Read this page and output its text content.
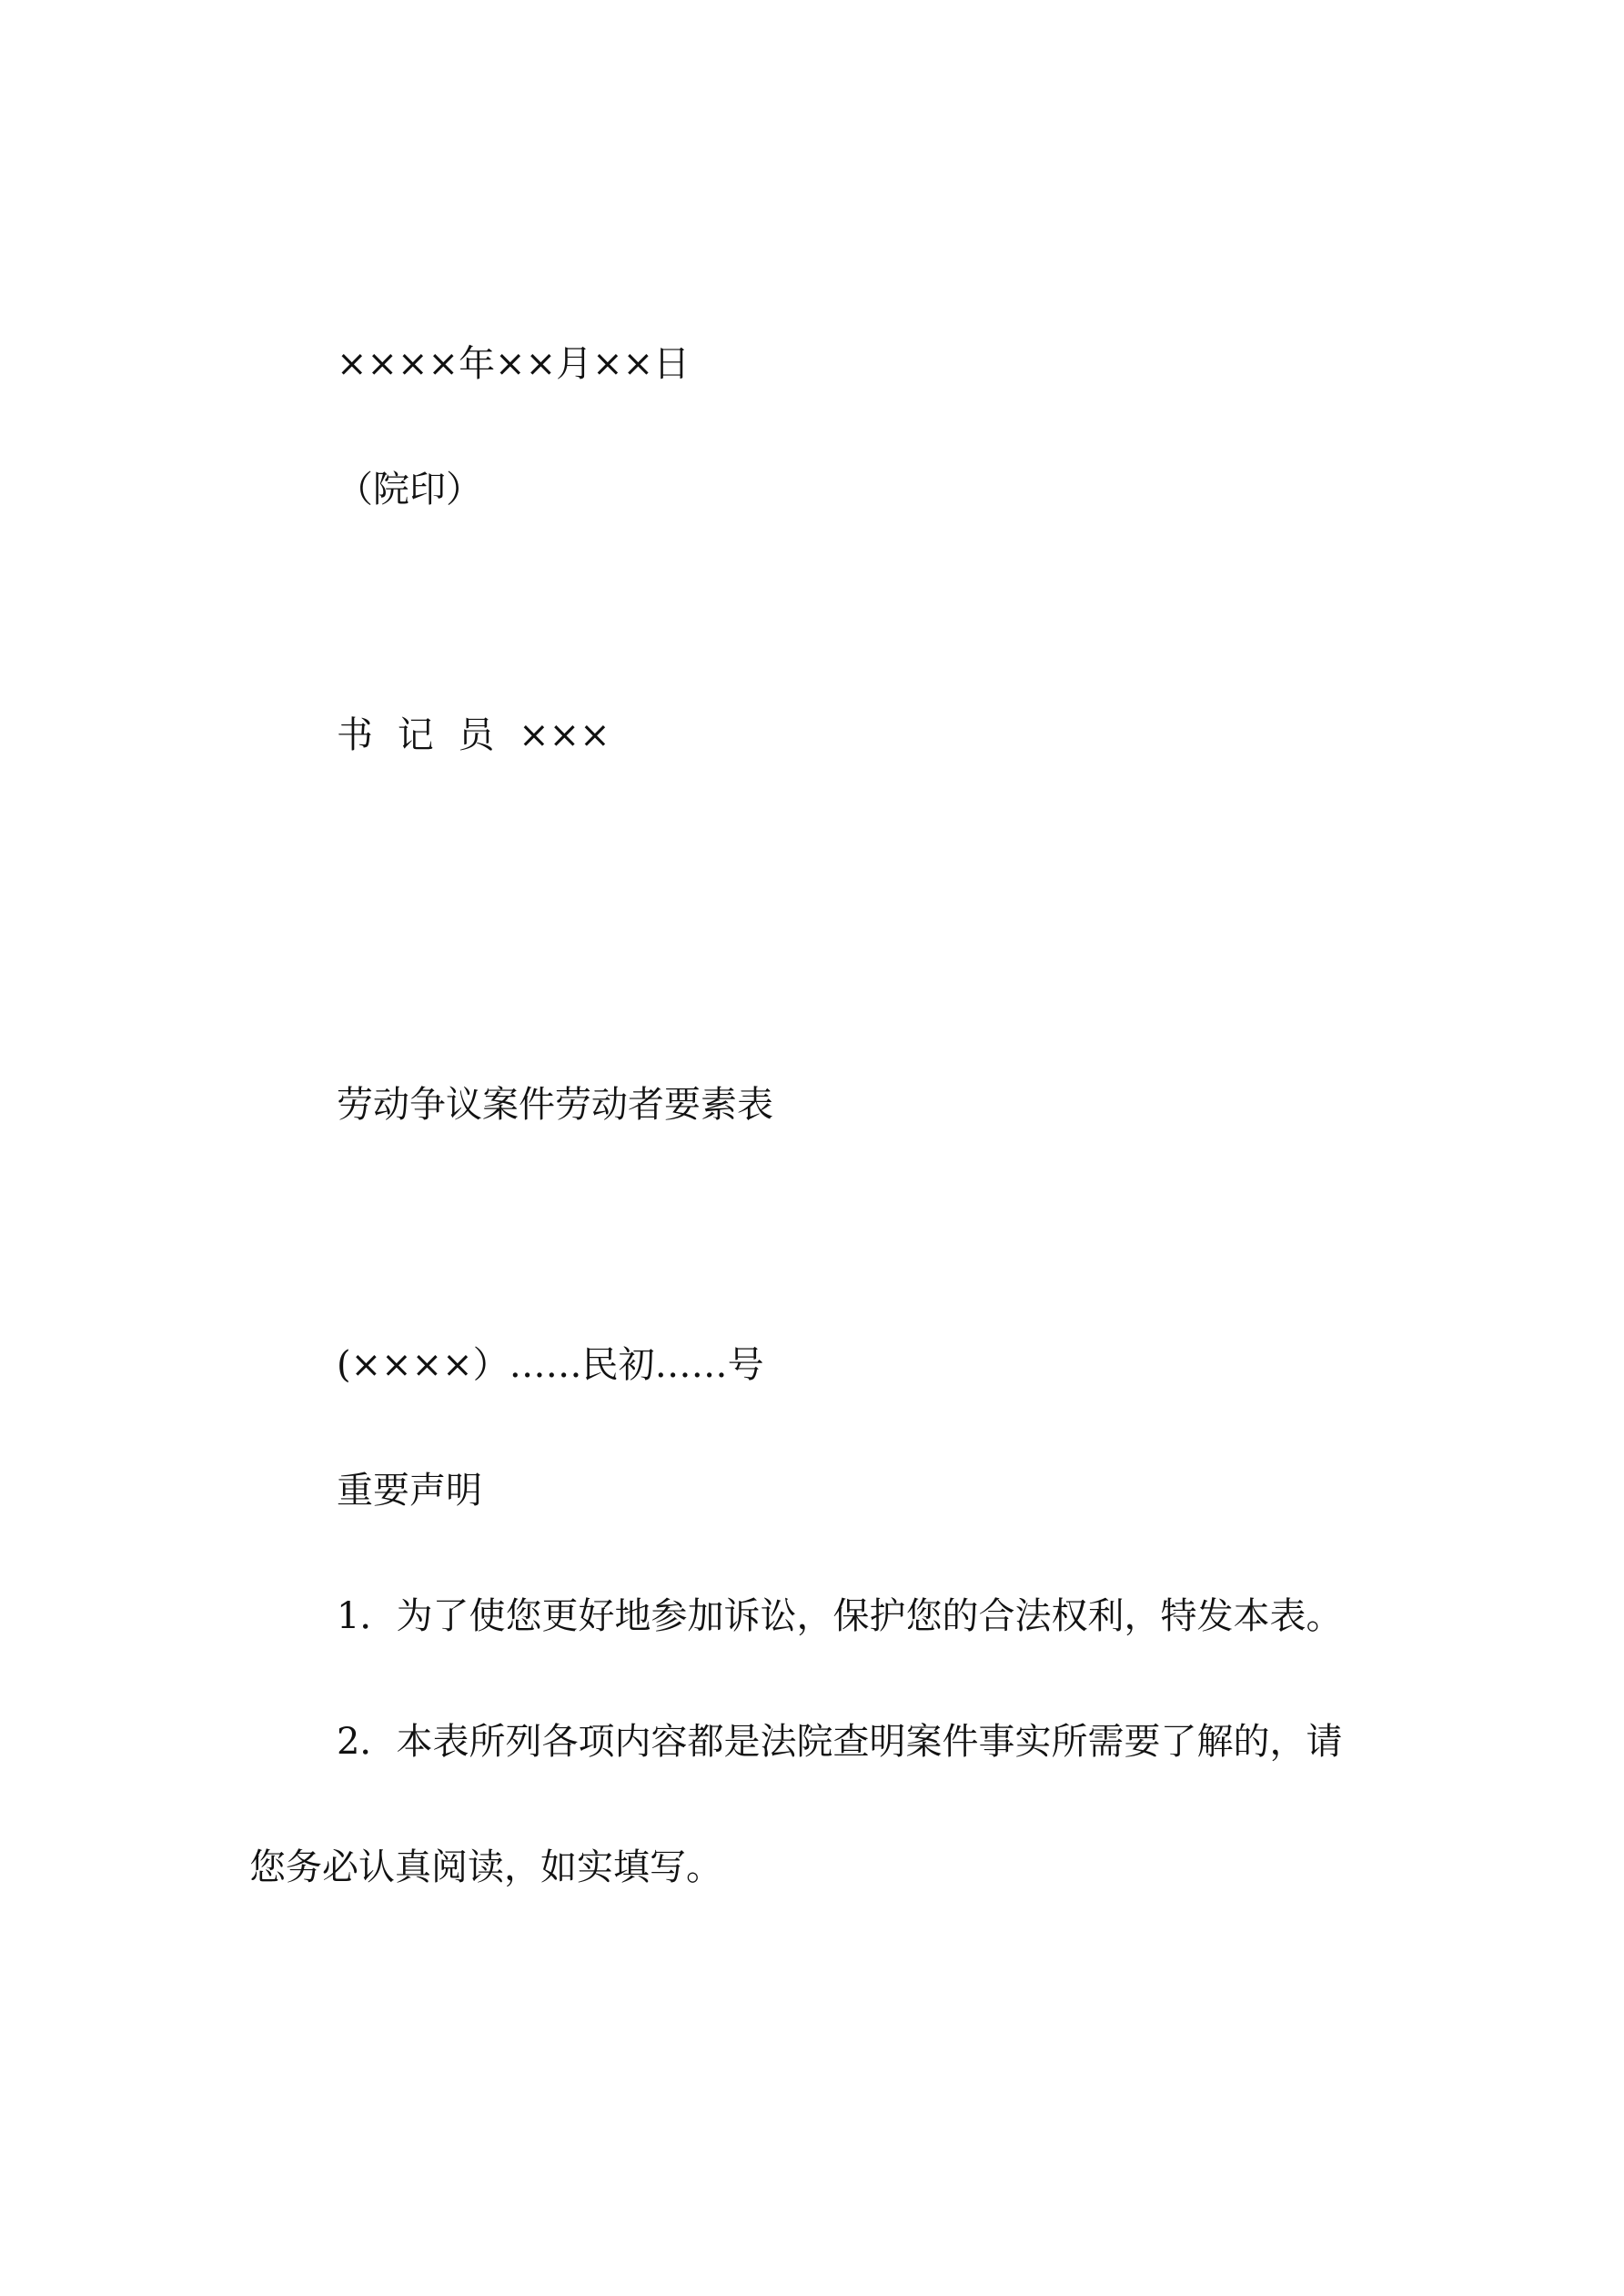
××××年××月××日
（院印）
书 记 员 ×××
劳动争议案件劳动者要素表
(××××）……民初……号
重要声明
1．为了使您更好地参加诉讼，保护您的合法权利，特发本表。
2．本表所列各项内容都是法院查明案件事实所需要了解的，请
您务必认真阅读，如实填写。
